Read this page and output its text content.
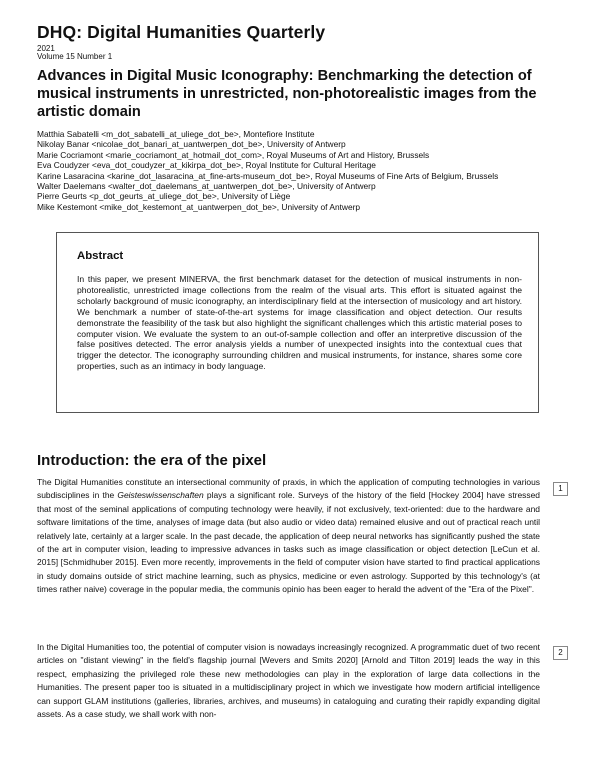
DHQ: Digital Humanities Quarterly
2021
Volume 15 Number 1
Advances in Digital Music Iconography: Benchmarking the detection of musical instruments in unrestricted, non-photorealistic images from the artistic domain
Matthia Sabatelli <m_dot_sabatelli_at_uliege_dot_be>, Montefiore Institute
Nikolay Banar <nicolae_dot_banari_at_uantwerpen_dot_be>, University of Antwerp
Marie Cocriamont <marie_cocriamont_at_hotmail_dot_com>, Royal Museums of Art and History, Brussels
Eva Coudyzer <eva_dot_coudyzer_at_kikirpa_dot_be>, Royal Institute for Cultural Heritage
Karine Lasaracina <karine_dot_lasaracina_at_fine-arts-museum_dot_be>, Royal Museums of Fine Arts of Belgium, Brussels
Walter Daelemans <walter_dot_daelemans_at_uantwerpen_dot_be>, University of Antwerp
Pierre Geurts <p_dot_geurts_at_uliege_dot_be>, University of Liège
Mike Kestemont <mike_dot_kestemont_at_uantwerpen_dot_be>, University of Antwerp
Abstract

In this paper, we present MINERVA, the first benchmark dataset for the detection of musical instruments in non-photorealistic, unrestricted image collections from the realm of the visual arts. This effort is situated against the scholarly background of music iconography, an interdisciplinary field at the intersection of musicology and art history. We benchmark a number of state-of-the-art systems for image classification and object detection. Our results demonstrate the feasibility of the task but also highlight the significant challenges which this artistic material poses to computer vision. We evaluate the system to an out-of-sample collection and offer an interpretive discussion of the false positives detected. The error analysis yields a number of unexpected insights into the contextual cues that trigger the detector. The iconography surrounding children and musical instruments, for instance, shares some core properties, such as an intimacy in body language.

Introduction: the era of the pixel

The Digital Humanities constitute an intersectional community of praxis, in which the application of computing technologies in various subdisciplines in the Geisteswissenschaften plays a significant role. Surveys of the history of the field [Hockey 2004] have stressed that most of the seminal applications of computing technology were heavily, if not exclusively, text-oriented: due to the hardware and software limitations of the time, analyses of image data (but also audio or video data) remained elusive and out of practical reach until relatively late, certainly at a larger scale. In the past decade, the application of deep neural networks has significantly pushed the state of the art in computer vision, leading to impressive advances in tasks such as image classification or object detection [LeCun et al. 2015] [Schmidhuber 2015]. Even more recently, improvements in the field of computer vision have started to find practical applications in study domains outside of strict machine learning, such as physics, medicine or even astrology. Supported by this technology's (at times rather naive) coverage in the popular media, the communis opinio has been eager to herald the advent of the "Era of the Pixel".

1

In the Digital Humanities too, the potential of computer vision is nowadays increasingly recognized. A programmatic duet of two recent articles on "distant viewing" in the field's flagship journal [Wevers and Smits 2020] [Arnold and Tilton 2019] leads the way in this respect, emphasizing the privileged role these new methodologies can play in the exploration of large data collections in the Humanities. The present paper too is situated in a multidisciplinary project in which we investigate how modern artificial intelligence can support GLAM institutions (galleries, libraries, archives, and museums) in cataloguing and curating their rapidly expanding digital assets. As a case study, we shall work with non-

2
